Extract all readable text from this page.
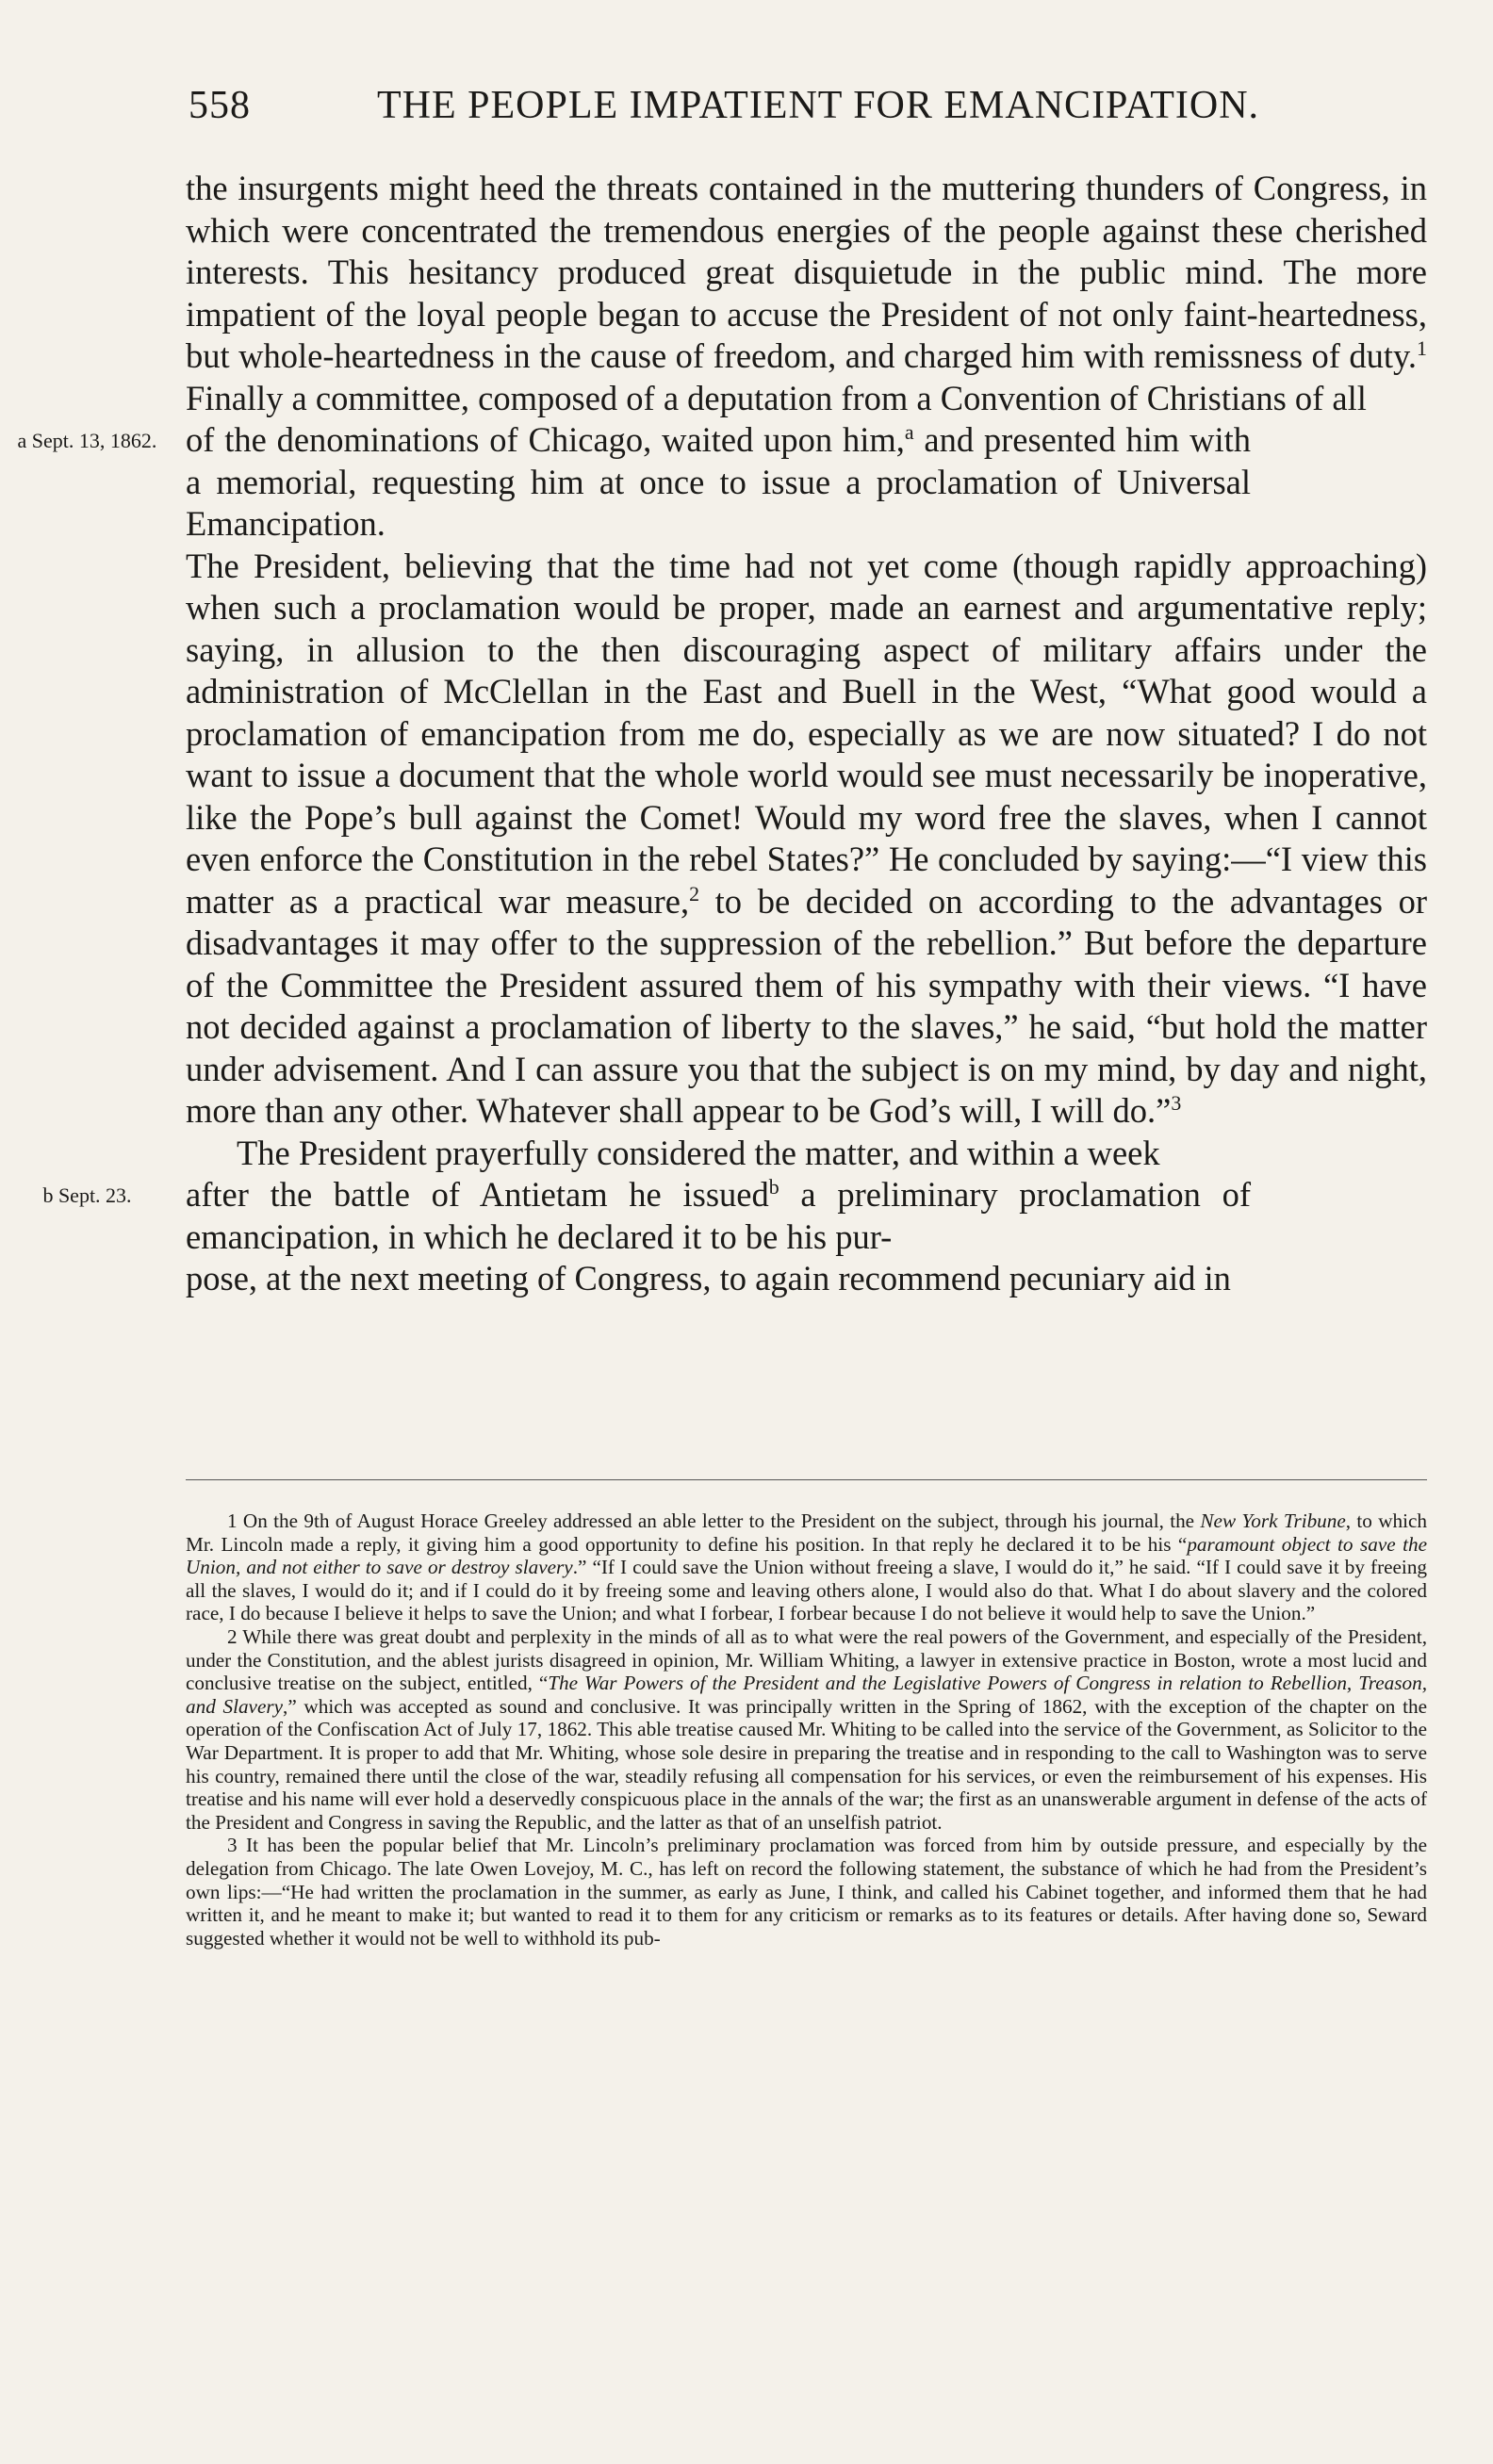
558	THE PEOPLE IMPATIENT FOR EMANCIPATION.

the insurgents might heed the threats contained in the muttering thunders of Congress, in which were concentrated the tremendous energies of the people against these cherished interests. This hesitancy produced great disquietude in the public mind. The more impatient of the loyal people began to accuse the President of not only faint-heartedness, but whole-heartedness in the cause of freedom, and charged him with remissness of duty.$^1$ Finally a committee, composed of a deputation from a Convention of Christians of all

a Sept. 13, 1862. of the denominations of Chicago, waited upon him,$^a$ and presented him with a memorial, requesting him at once to issue a proclamation of Universal Emancipation.

The President, believing that the time had not yet come (though rapidly approaching) when such a proclamation would be proper, made an earnest and argumentative reply; saying, in allusion to the then discouraging aspect of military affairs under the administration of McClellan in the East and Buell in the West, “What good would a proclamation of emancipation from me do, especially as we are now situated? I do not want to issue a document that the whole world would see must necessarily be inoperative, like the Pope’s bull against the Comet! Would my word free the slaves, when I cannot even enforce the Constitution in the rebel States?” He concluded by saying:—“I view this matter as a practical war measure,$^2$ to be decided on according to the advantages or disadvantages it may offer to the suppression of the rebellion.” But before the departure of the Committee the President assured them of his sympathy with their views. “I have not decided against a proclamation of liberty to the slaves,” he said, “but hold the matter under advisement. And I can assure you that the subject is on my mind, by day and night, more than any other. Whatever shall appear to be God’s will, I will do.”$^3$

The President prayerfully considered the matter, and within a week

b Sept. 23.	after the battle of Antietam he issued$^b$ a preliminary proclamation of emancipation, in which he declared it to be his pur-

pose, at the next meeting of Congress, to again recommend pecuniary aid in

1 On the 9th of August Horace Greeley addressed an able letter to the President on the subject, through his journal, the New York Tribune, to which Mr. Lincoln made a reply, it giving him a good opportunity to define his position. In that reply he declared it to be his “paramount object to save the Union, and not either to save or destroy slavery.” “If I could save the Union without freeing a slave, I would do it,” he said. “If I could save it by freeing all the slaves, I would do it; and if I could do it by freeing some and leaving others alone, I would also do that. What I do about slavery and the colored race, I do because I believe it helps to save the Union; and what I forbear, I forbear because I do not believe it would help to save the Union.”

2 While there was great doubt and perplexity in the minds of all as to what were the real powers of the Government, and especially of the President, under the Constitution, and the ablest jurists disagreed in opinion, Mr. William Whiting, a lawyer in extensive practice in Boston, wrote a most lucid and conclusive treatise on the subject, entitled, “The War Powers of the President and the Legislative Powers of Congress in relation to Rebellion, Treason, and Slavery,” which was accepted as sound and conclusive. It was principally written in the Spring of 1862, with the exception of the chapter on the operation of the Confiscation Act of July 17, 1862. This able treatise caused Mr. Whiting to be called into the service of the Government, as Solicitor to the War Department. It is proper to add that Mr. Whiting, whose sole desire in preparing the treatise and in responding to the call to Washington was to serve his country, remained there until the close of the war, steadily refusing all compensation for his services, or even the reimbursement of his expenses. His treatise and his name will ever hold a deservedly conspicuous place in the annals of the war; the first as an unanswerable argument in defense of the acts of the President and Congress in saving the Republic, and the latter as that of an unselfish patriot.

3 It has been the popular belief that Mr. Lincoln’s preliminary proclamation was forced from him by outside pressure, and especially by the delegation from Chicago. The late Owen Lovejoy, M. C., has left on record the following statement, the substance of which he had from the President’s own lips:—“He had written the proclamation in the summer, as early as June, I think, and called his Cabinet together, and informed them that he had written it, and he meant to make it; but wanted to read it to them for any criticism or remarks as to its features or details. After having done so, Seward suggested whether it would not be well to withhold its pub-
